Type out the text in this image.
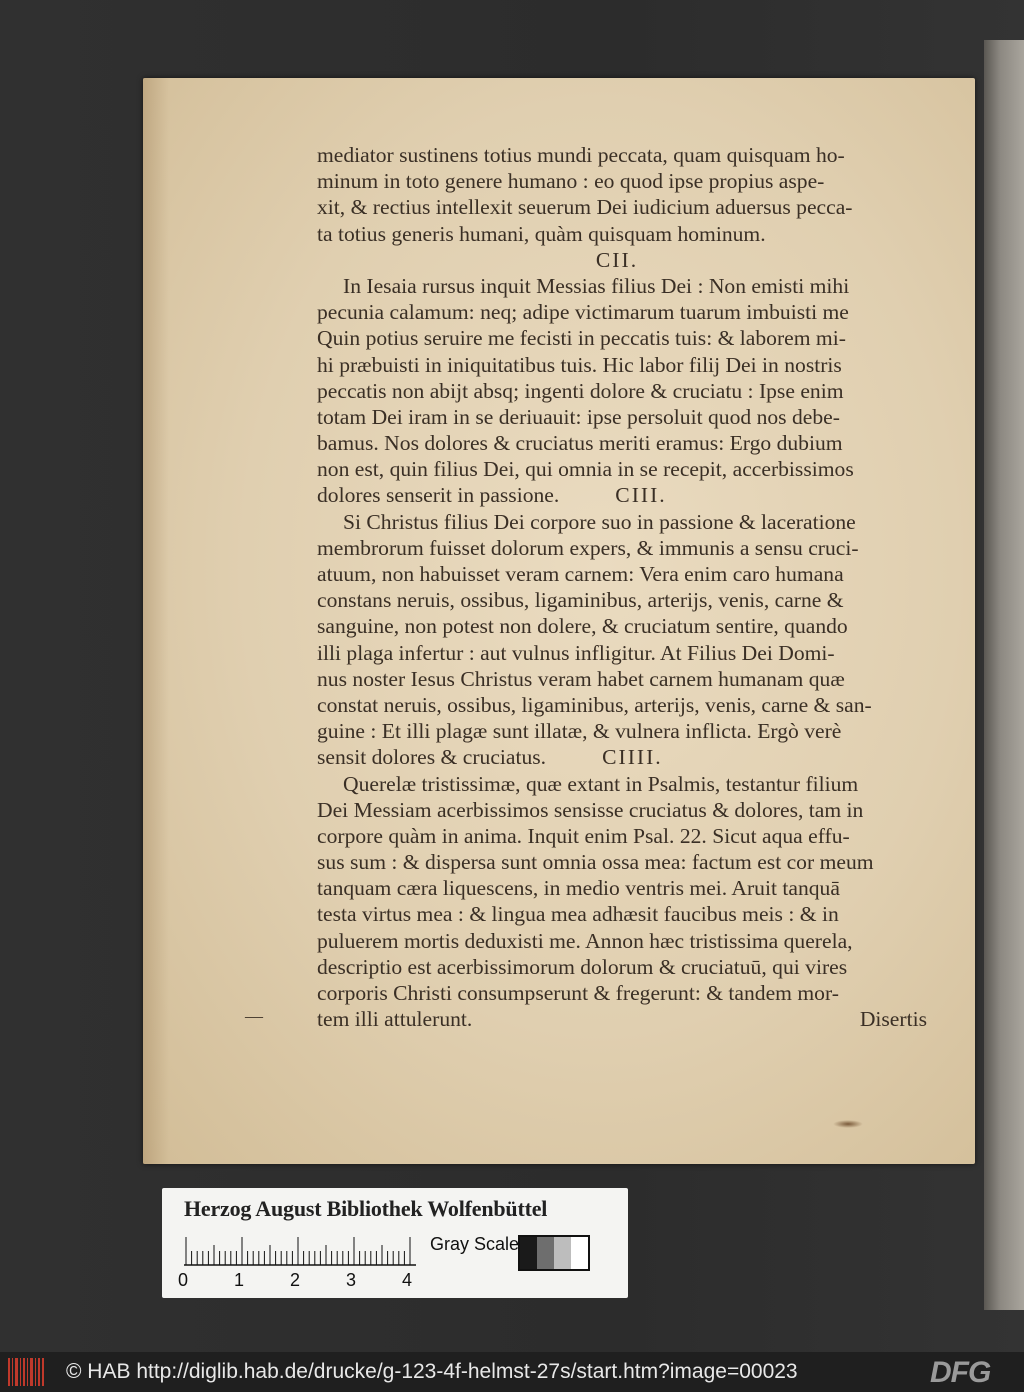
mediator sustinens totius mundi peccata, quam quisquam ho-
minum in toto genere humano : eo quod ipse propius aspe-
xit, & rectius intellexit seuerum Dei iudicium aduersus pecca-
ta totius generis humani, quàm quisquam hominum.
CII.
In Iesaia rursus inquit Messias filius Dei : Non emisti mihi
pecunia calamum: neq; adipe victimarum tuarum imbuisti me
Quin potius seruire me fecisti in peccatis tuis: & laborem mi-
hi præbuisti in iniquitatibus tuis. Hic labor filij Dei in nostris
peccatis non abijt absq; ingenti dolore & cruciatu : Ipse enim
totam Dei iram in se deriuauit: ipse persoluit quod nos debe-
bamus. Nos dolores & cruciatus meriti eramus: Ergo dubium
non est, quin filius Dei, qui omnia in se recepit, accerbissimos
dolores senserit in passione.	CIII.
Si Christus filius Dei corpore suo in passione & laceratione
membrorum fuisset dolorum expers, & immunis a sensu cruci-
atuum, non habuisset veram carnem: Vera enim caro humana
constans neruis, ossibus, ligaminibus, arterijs, venis, carne &
sanguine, non potest non dolere, & cruciatum sentire, quando
illi plaga infertur : aut vulnus infligitur. At Filius Dei Domi-
nus noster Iesus Christus veram habet carnem humanam quæ
constat neruis, ossibus, ligaminibus, arterijs, venis, carne & san-
guine : Et illi plagæ sunt illatæ, & vulnera inflicta. Ergò verè
sensit dolores & cruciatus.	CIIII.
Querelæ tristissimæ, quæ extant in Psalmis, testantur filium
Dei Messiam acerbissimos sensisse cruciatus & dolores, tam in
corpore quàm in anima. Inquit enim Psal. 22. Sicut aqua effu-
sus sum : & dispersa sunt omnia ossa mea: factum est cor meum
tanquam cæra liquescens, in medio ventris mei. Aruit tanquā
testa virtus mea : & lingua mea adhæsit faucibus meis : & in
puluerem mortis deduxisti me. Annon hæc tristissima querela,
descriptio est acerbissimorum dolorum & cruciatuū, qui vires
corporis Christi consumpserunt & fregerunt: & tandem mor-
tem illi attulerunt.	Disertis
—
Herzog August Bibliothek Wolfenbüttel
0	1	2	3	4
Gray Scale
© HAB http://diglib.hab.de/drucke/g-123-4f-helmst-27s/start.htm?image=00023	DFG
